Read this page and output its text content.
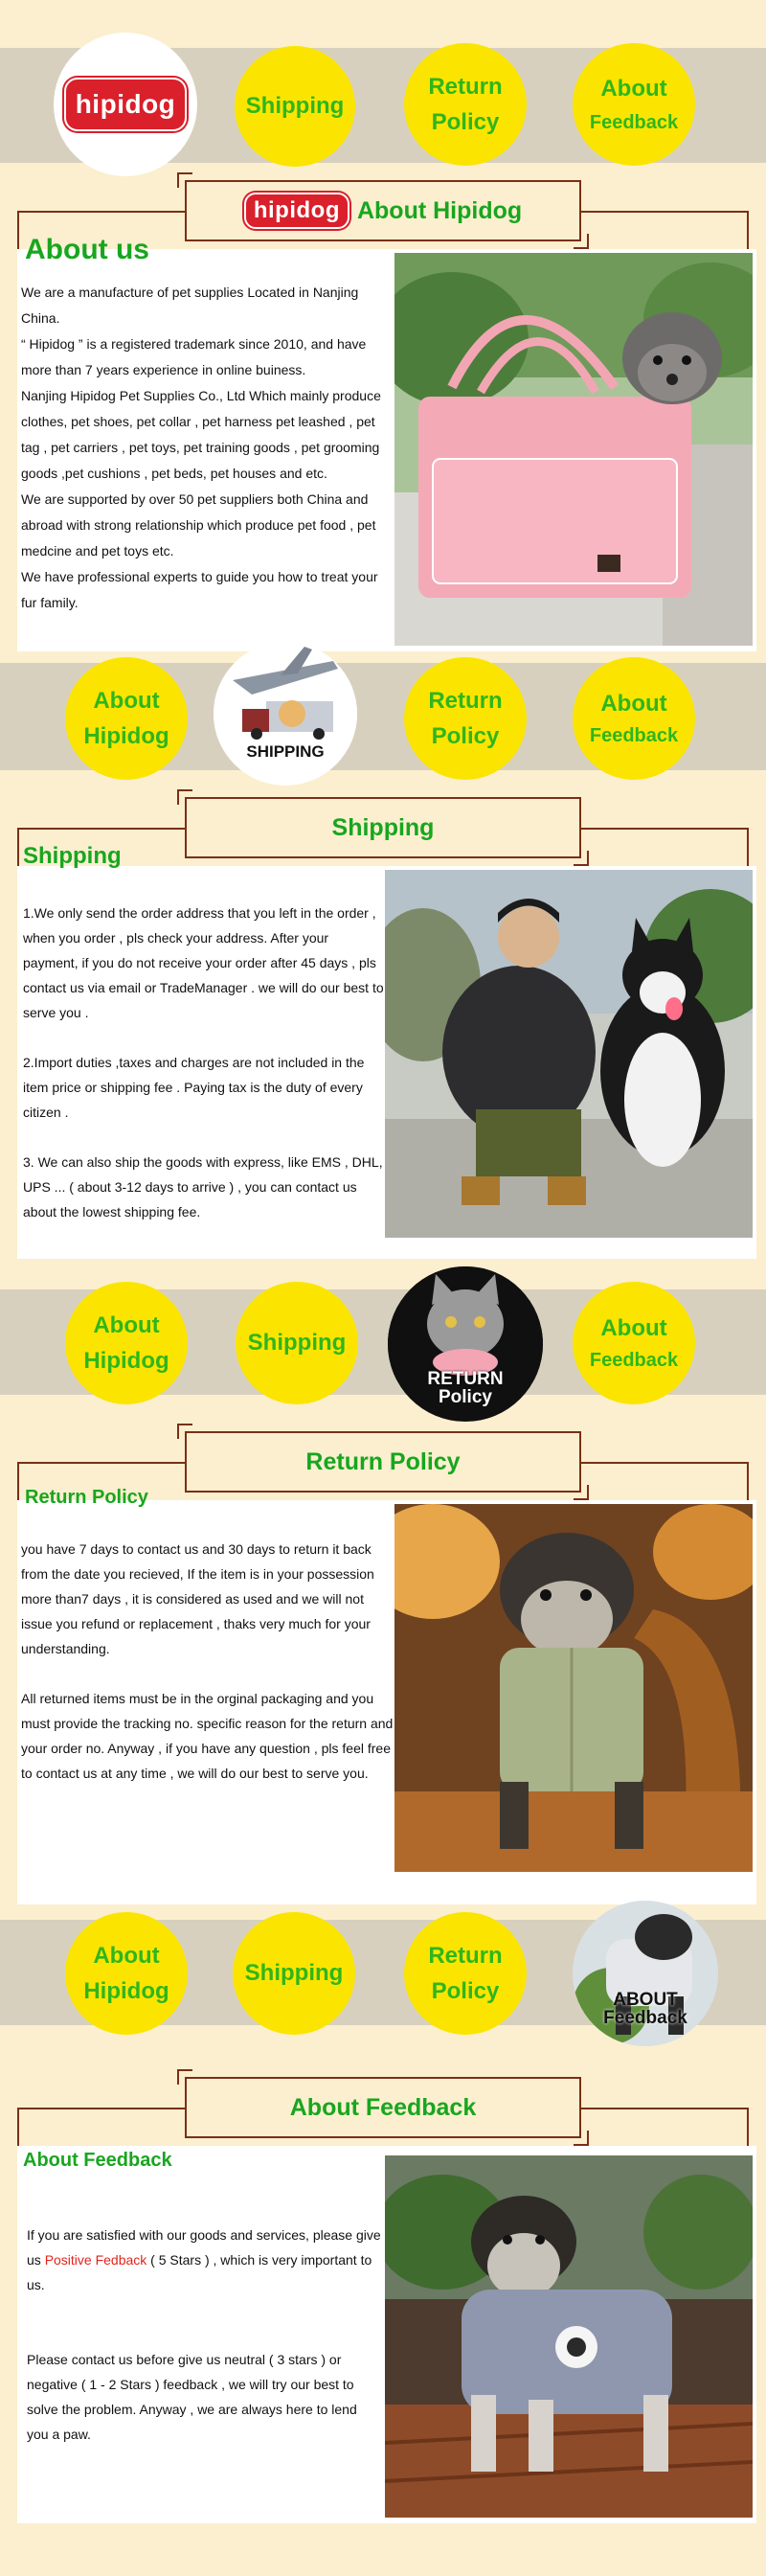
hipidog	Shipping
Return
Policy
About
Feedback
hipidog About Hipidog
About us

We are a manufacture of pet supplies Located in Nanjing China.

“ Hipidog ” is a registered trademark since 2010, and have more than 7 years experience in online buiness.

Nanjing Hipidog Pet Supplies Co., Ltd Which mainly produce clothes, pet shoes, pet collar , pet harness pet leashed , pet tag , pet carriers , pet toys, pet training goods , pet grooming goods ,pet cushions , pet beds, pet houses and etc.

We are supported by over 50 pet suppliers both China and abroad with strong relationship which produce pet food , pet medcine and pet toys etc.

We have professional experts to guide you how to treat your fur family.

About
Hipidog
SHIPPING
Return
Policy
About
Feedback
Shipping
Shipping

1.We only send the order address that you left in the order , when you order , pls check your address. After your payment, if you do not receive your order after 45 days , pls contact us via email or TradeManager . we will do our best to serve you .

2.Import duties ,taxes and charges are not included in the item price or shipping fee . Paying tax is the duty of every citizen .

3. We can also ship the goods with express, like EMS , DHL, UPS ... ( about 3-12 days to arrive ) , you can contact us about the lowest shipping fee.

About
Hipidog
Shipping
RETURN
Policy
About
Feedback
Return Policy
Return Policy

you have 7 days to contact us and 30 days to return it back from the date you recieved, If the item is in your possession more than7 days , it is considered as used and we will not issue you refund or replacement , thaks very much for your understanding.

All returned items must be in the orginal packaging and you must provide the tracking no. specific reason for the return and your order no. Anyway , if you have any question , pls feel free to contact us at any time , we will do our best to serve you.

About
Hipidog
Shipping
Return
Policy	ABOUT
Feedback
About Feedback
About Feedback

If you are satisfied with our goods and services, please give us Positive Fedback ( 5 Stars ) , which is very important to us.

Please contact us before give us neutral ( 3 stars ) or negative ( 1 - 2 Stars ) feedback , we will try our best to solve the problem. Anyway , we are always here to lend you a paw.
